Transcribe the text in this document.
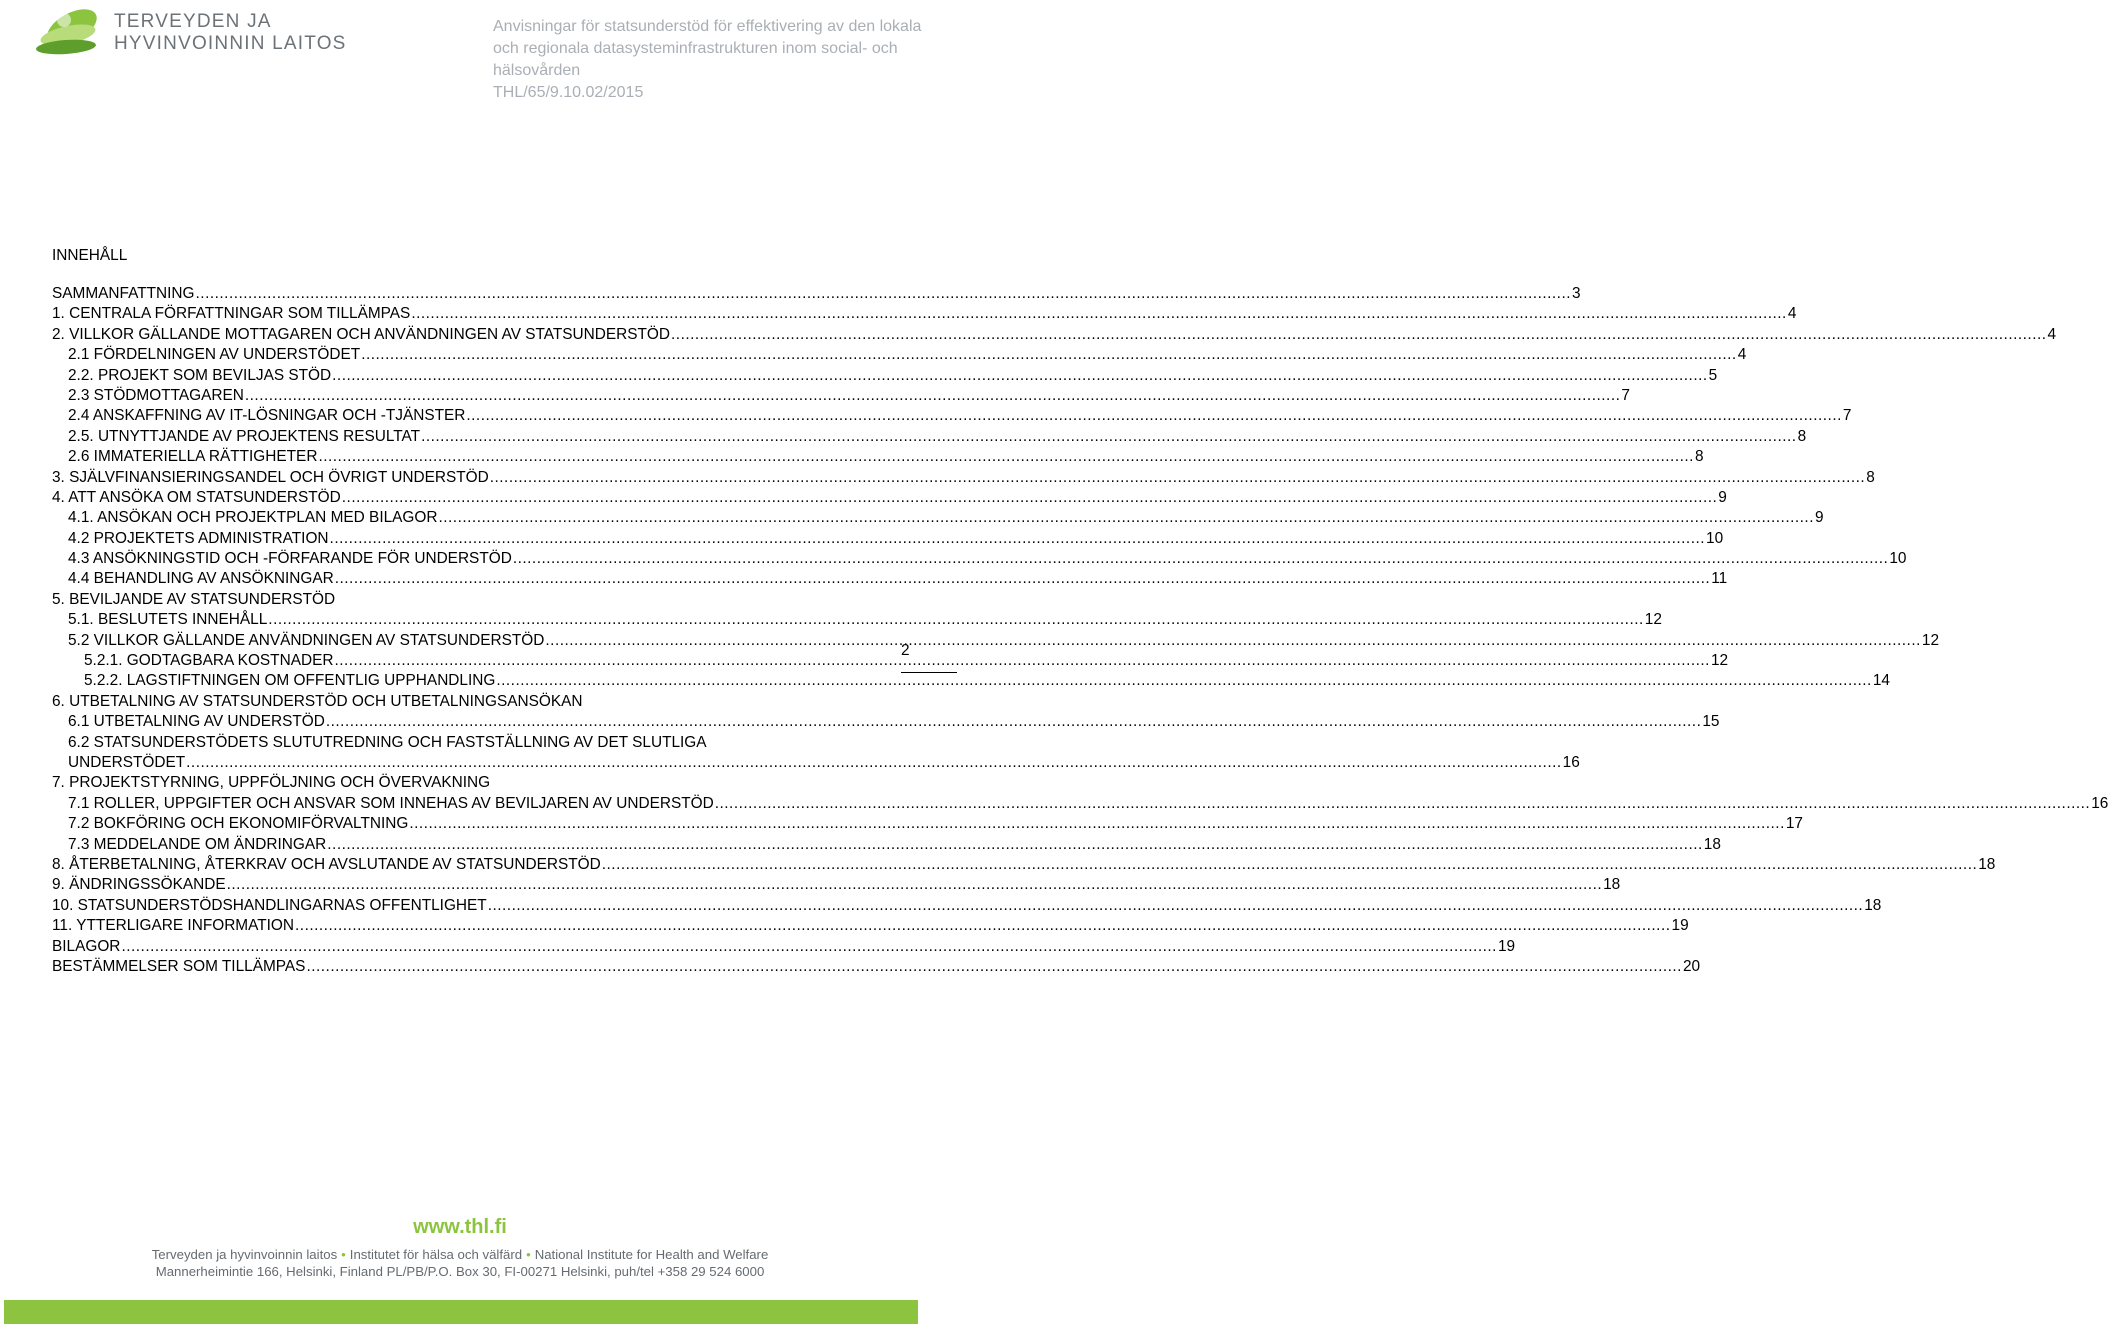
TERVEYDEN JA
HYVINVOINNIN LAITOS
Anvisningar för statsunderstöd för effektivering av den lokala och regionala datasysteminfrastrukturen inom social- och hälsovården
THL/65/9.10.02/2015
INNEHÅLL
SAMMANFATTNING .....	3
1. CENTRALA FÖRFATTNINGAR SOM TILLÄMPAS .....	4
2. VILLKOR GÄLLANDE MOTTAGAREN OCH ANVÄNDNINGEN AV STATSUNDERSTÖD .....	4
2.1 FÖRDELNINGEN AV UNDERSTÖDET .....	4
2.2. PROJEKT SOM BEVILJAS STÖD .....	5
2.3 STÖDMOTTAGAREN .....	7
2.4 ANSKAFFNING AV IT-LÖSNINGAR OCH -TJÄNSTER .....	7
2.5. UTNYTTJANDE AV PROJEKTENS RESULTAT .....	8
2.6 IMMATERIELLA RÄTTIGHETER .....	8
3. SJÄLVFINANSIERINGSANDEL OCH ÖVRIGT UNDERSTÖD .....	8
4. ATT ANSÖKA OM STATSUNDERSTÖD .....	9
4.1. ANSÖKAN OCH PROJEKTPLAN MED BILAGOR .....	9
4.2 PROJEKTETS ADMINISTRATION .....	10
4.3 ANSÖKNINGSTID OCH -FÖRFARANDE FÖR UNDERSTÖD .....	10
4.4 BEHANDLING AV ANSÖKNINGAR .....	11
5. BEVILJANDE AV STATSUNDERSTÖD
5.1. BESLUTETS INNEHÅLL .....	12
5.2 VILLKOR GÄLLANDE ANVÄNDNINGEN AV STATSUNDERSTÖD .....	12
5.2.1. GODTAGBARA KOSTNADER .....	12
5.2.2. LAGSTIFTNINGEN OM OFFENTLIG UPPHANDLING .....	14
6. UTBETALNING AV STATSUNDERSTÖD OCH UTBETALNINGSANSÖKAN
6.1 UTBETALNING AV UNDERSTÖD .....	15
6.2 STATSUNDERSTÖDETS SLUTUTREDNING OCH FASTSTÄLLNING AV DET SLUTLIGA
UNDERSTÖDET .....	16
7. PROJEKTSTYRNING, UPPFÖLJNING OCH ÖVERVAKNING
7.1 ROLLER, UPPGIFTER OCH ANSVAR SOM INNEHAS AV BEVILJAREN AV UNDERSTÖD .....	16
7.2 BOKFÖRING OCH EKONOMIFÖRVALTNING .....	17
7.3 MEDDELANDE OM ÄNDRINGAR .....	18
8. ÅTERBETALNING, ÅTERKRAV OCH AVSLUTANDE AV STATSUNDERSTÖD .....	18
9. ÄNDRINGSSÖKANDE .....	18
10. STATSUNDERSTÖDSHANDLINGARNAS OFFENTLIGHET .....	18
11. YTTERLIGARE INFORMATION .....	19
BILAGOR .....	19
BESTÄMMELSER SOM TILLÄMPAS .....	20
2
www.thl.fi
Terveyden ja hyvinvoinnin laitos • Institutet för hälsa och välfärd • National Institute for Health and Welfare
Mannerheimintie 166, Helsinki, Finland PL/PB/P.O. Box 30, FI-00271 Helsinki, puh/tel +358 29 524 6000
